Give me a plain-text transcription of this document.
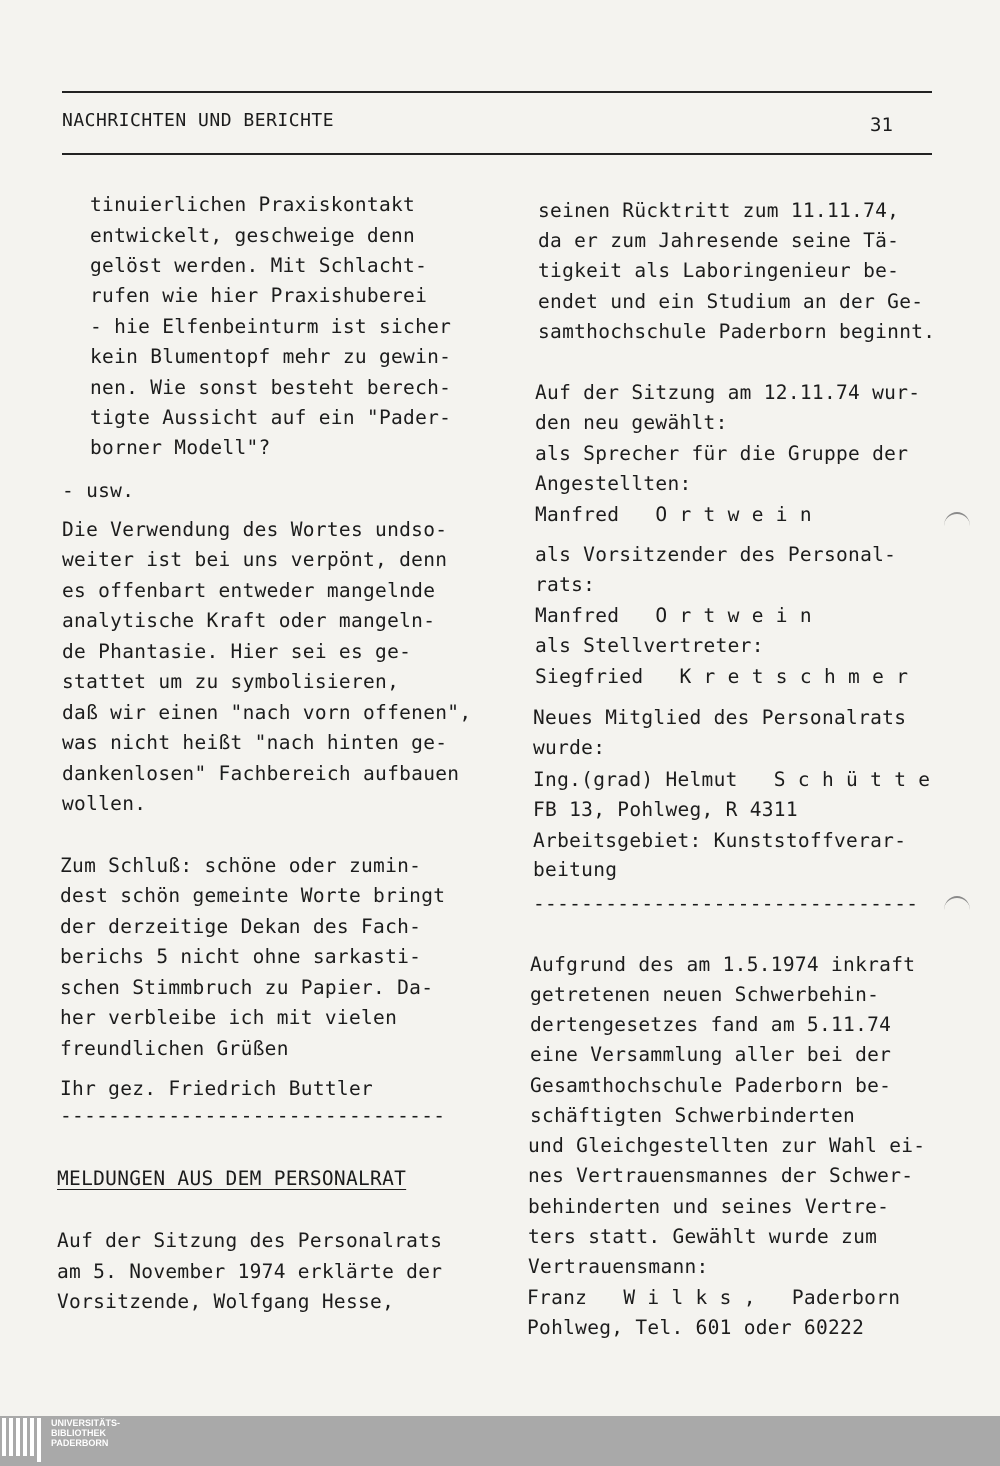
NACHRICHTEN UND BERICHTE	31
tinuierlichen Praxiskontakt
entwickelt, geschweige denn
gelöst werden. Mit Schlacht-
rufen wie hier Praxishuberei
- hie Elfenbeinturm ist sicher
kein Blumentopf mehr zu gewin-
nen. Wie sonst besteht berech-
tigte Aussicht auf ein "Pader-
borner Modell"?
- usw.
Die Verwendung des Wortes undso-
weiter ist bei uns verpönt, denn
es offenbart entweder mangelnde
analytische Kraft oder mangeln-
de Phantasie. Hier sei es ge-
stattet um zu symbolisieren,
daß wir einen "nach vorn offenen",
was nicht heißt "nach hinten ge-
dankenlosen" Fachbereich aufbauen
wollen.
Zum Schluß: schöne oder zumin-
dest schön gemeinte Worte bringt
der derzeitige Dekan des Fach-
berichs 5 nicht ohne sarkasti-
schen Stimmbruch zu Papier. Da-
her verbleibe ich mit vielen
freundlichen Grüßen
Ihr gez. Friedrich Buttler
--------------------------------
MELDUNGEN AUS DEM PERSONALRAT
Auf der Sitzung des Personalrats
am 5. November 1974 erklärte der
Vorsitzende, Wolfgang Hesse,
seinen Rücktritt zum 11.11.74,
da er zum Jahresende seine Tä-
tigkeit als Laboringenieur be-
endet und ein Studium an der Ge-
samthochschule Paderborn beginnt.
Auf der Sitzung am 12.11.74 wur-
den neu gewählt:
als Sprecher für die Gruppe der
Angestellten:
Manfred   O r t w e i n
als Vorsitzender des Personal-
rats:
Manfred   O r t w e i n
als Stellvertreter:
Siegfried   K r e t s c h m e r
Neues Mitglied des Personalrats
wurde:
Ing.(grad) Helmut   S c h ü t t e
FB 13, Pohlweg, R 4311
Arbeitsgebiet: Kunststoffverar-
beitung
--------------------------------
Aufgrund des am 1.5.1974 inkraft
getretenen neuen Schwerbehin-
dertengesetzes fand am 5.11.74
eine Versammlung aller bei der
Gesamthochschule Paderborn be-
schäftigten Schwerbinderten
und Gleichgestellten zur Wahl ei-
nes Vertrauensmannes der Schwer-
behinderten und seines Vertre-
ters statt. Gewählt wurde zum
Vertrauensmann:
Franz   W i l k s ,   Paderborn
Pohlweg, Tel. 601 oder 60222
UNIVERSITÄTS-
BIBLIOTHEK
PADERBORN
